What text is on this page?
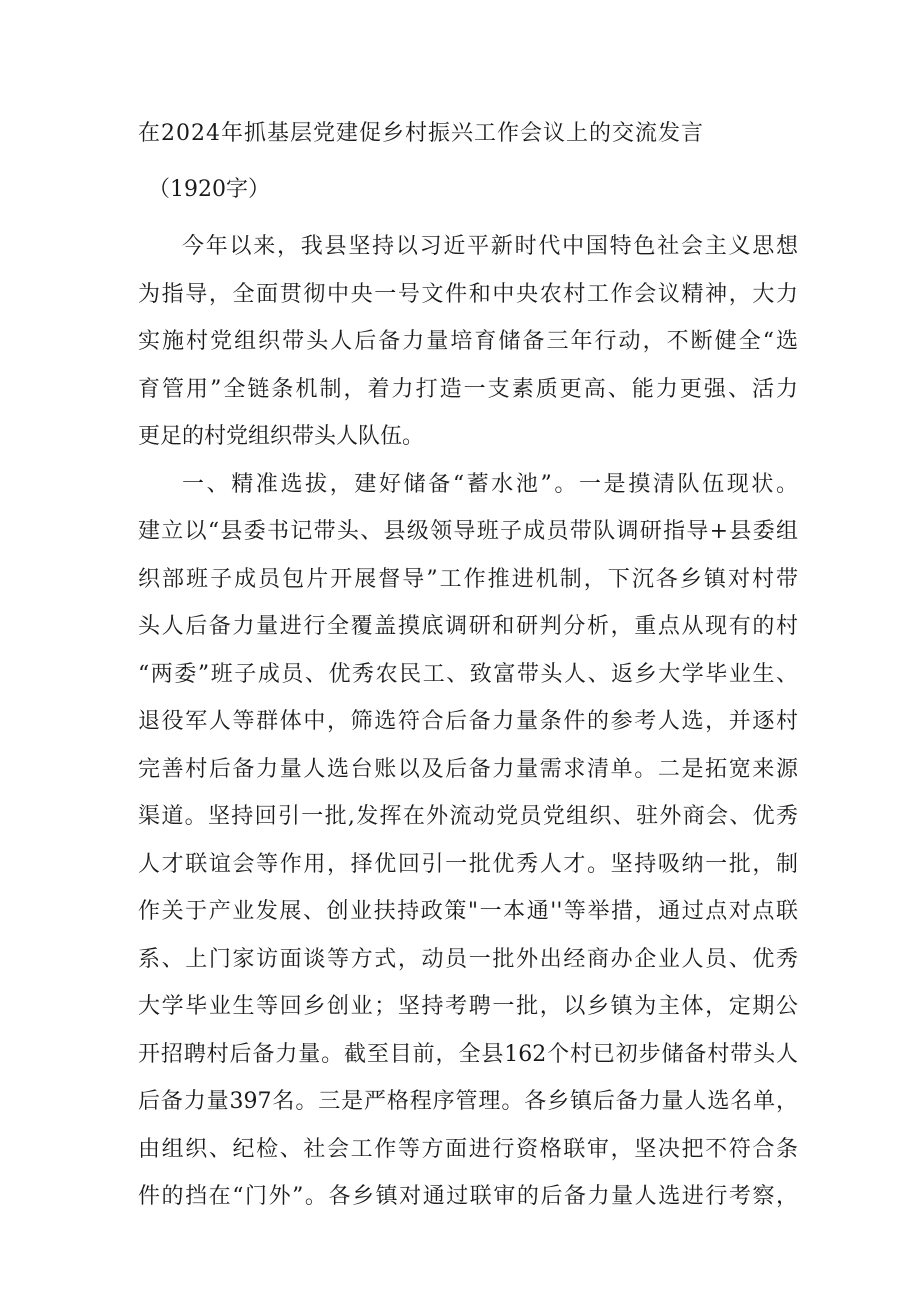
在2024年抓基层党建促乡村振兴工作会议上的交流发言
（1920字）
今年以来，我县坚持以习近平新时代中国特色社会主义思想
为指导，全面贯彻中央一号文件和中央农村工作会议精神，大力
实施村党组织带头人后备力量培育储备三年行动，不断健全“选
育管用”全链条机制，着力打造一支素质更高、能力更强、活力
更足的村党组织带头人队伍。
一、精准选拔，建好储备“蓄水池”。一是摸清队伍现状。
建立以“县委书记带头、县级领导班子成员带队调研指导+县委组
织部班子成员包片开展督导”工作推进机制，下沉各乡镇对村带
头人后备力量进行全覆盖摸底调研和研判分析，重点从现有的村
“两委”班子成员、优秀农民工、致富带头人、返乡大学毕业生、
退役军人等群体中，筛选符合后备力量条件的参考人选，并逐村
完善村后备力量人选台账以及后备力量需求清单。二是拓宽来源
渠道。坚持回引一批,发挥在外流动党员党组织、驻外商会、优秀
人才联谊会等作用，择优回引一批优秀人才。坚持吸纳一批，制
作关于产业发展、创业扶持政策"一本通''等举措，通过点对点联
系、上门家访面谈等方式，动员一批外出经商办企业人员、优秀
大学毕业生等回乡创业；坚持考聘一批，以乡镇为主体，定期公
开招聘村后备力量。截至目前，全县162个村已初步储备村带头人
后备力量397名。三是严格程序管理。各乡镇后备力量人选名单，
由组织、纪检、社会工作等方面进行资格联审，坚决把不符合条
件的挡在“门外”。各乡镇对通过联审的后备力量人选进行考察，
